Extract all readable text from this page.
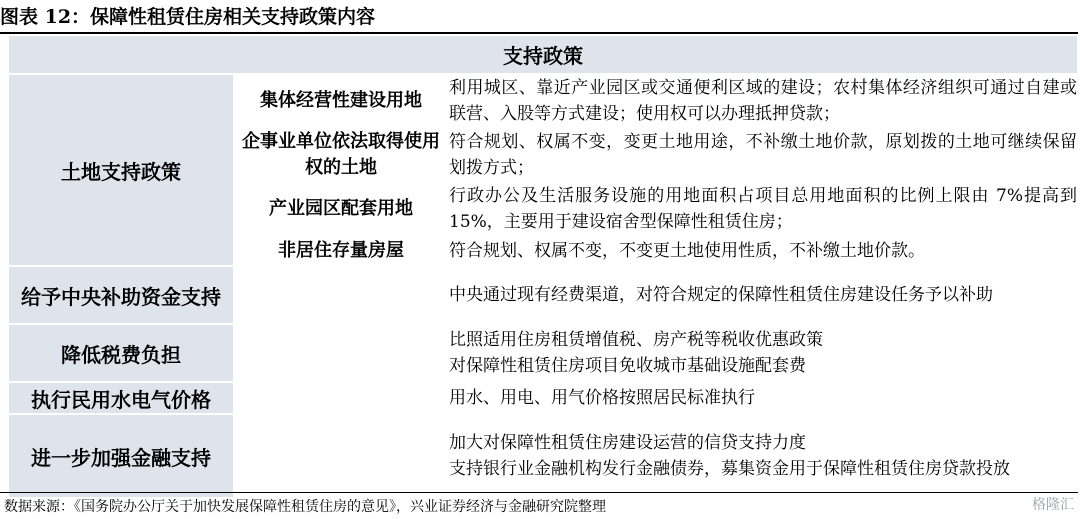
图表 12：保障性租赁住房相关支持政策内容
支持政策		
土地支持政策	集体经营性建设用地	利用城区、靠近产业园区或交通便利区域的建设；农村集体经济组织可通过自建或联营、入股等方式建设；使用权可以办理抵押贷款；
	企事业单位依法取得使用权的土地	符合规划、权属不变，变更土地用途，不补缴土地价款，原划拨的土地可继续保留划拨方式；
	产业园区配套用地	行政办公及生活服务设施的用地面积占项目总用地面积的比例上限由 7%提高到 15%，主要用于建设宿舍型保障性租赁住房；
	非居住存量房屋	符合规划、权属不变，不变更土地使用性质，不补缴土地价款。
给予中央补助资金支持		中央通过现有经费渠道，对符合规定的保障性租赁住房建设任务予以补助
降低税费负担		比照适用住房租赁增值税、房产税等税收优惠政策
对保障性租赁住房项目免收城市基础设施配套费

执行民用水电气价格		用水、用电、用气价格按照居民标准执行
进一步加强金融支持		加大对保障性租赁住房建设运营的信贷支持力度
支持银行业金融机构发行金融债券，募集资金用于保障性租赁住房贷款投放
数据来源：《国务院办公厅关于加快发展保障性租赁住房的意见》，兴业证券经济与金融研究院整理	格隆汇
